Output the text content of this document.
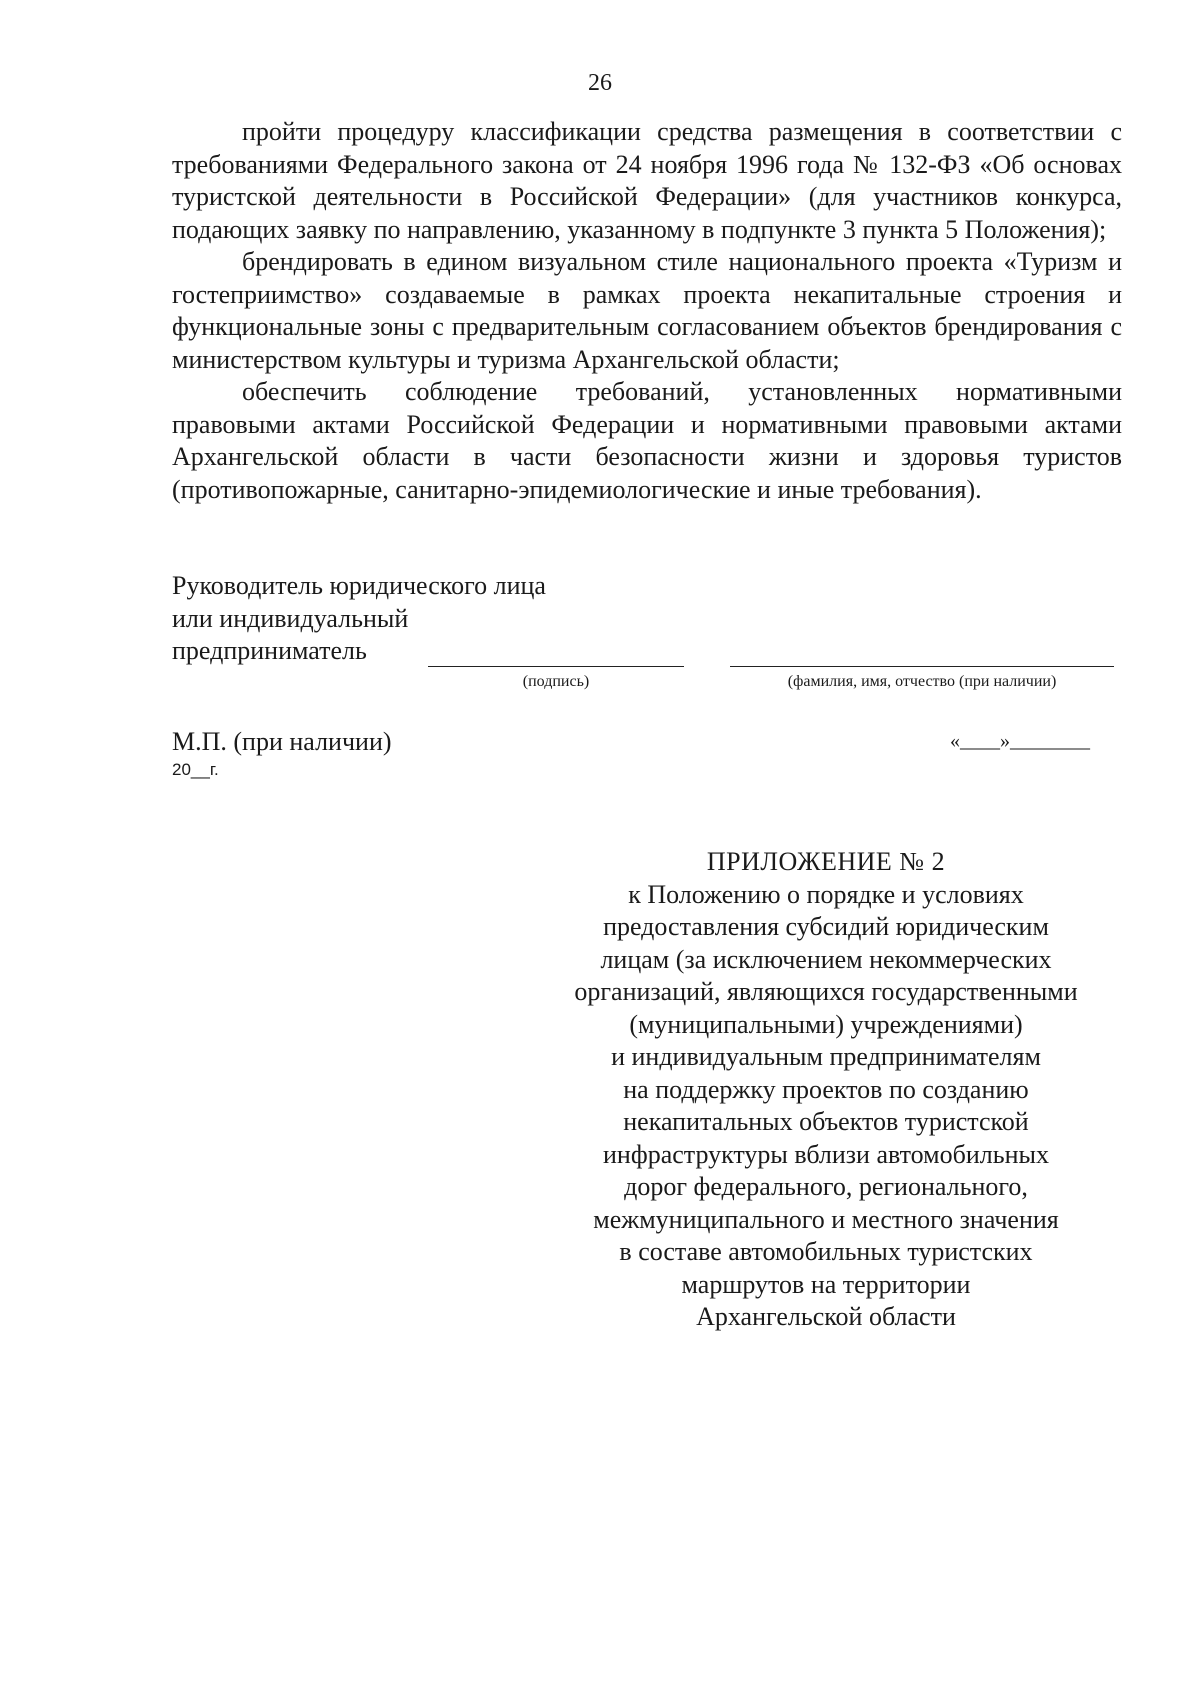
26

пройти процедуру классификации средства размещения в соответствии с требованиями Федерального закона от 24 ноября 1996 года № 132-ФЗ «Об основах туристской деятельности в Российской Федерации» (для участников конкурса, подающих заявку по направлению, указанному в подпункте 3 пункта 5 Положения);

брендировать в едином визуальном стиле национального проекта «Туризм и гостеприимство» создаваемые в рамках проекта некапитальные строения и функциональные зоны с предварительным согласованием объектов брендирования с министерством культуры и туризма Архангельской области;

обеспечить соблюдение требований, установленных нормативными правовыми актами Российской Федерации и нормативными правовыми актами Архангельской области в части безопасности жизни и здоровья туристов (противопожарные, санитарно-эпидемиологические и иные требования).

Руководитель юридического лица
или индивидуальный
предприниматель
(подпись)	(фамилия, имя, отчество (при наличии)
М.П. (при наличии)
20__г.
«____»________
ПРИЛОЖЕНИЕ № 2
к Положению о порядке и условиях
предоставления субсидий юридическим
лицам (за исключением некоммерческих
организаций, являющихся государственными
(муниципальными) учреждениями)
и индивидуальным предпринимателям
на поддержку проектов по созданию
некапитальных объектов туристской
инфраструктуры вблизи автомобильных
дорог федерального, регионального,
межмуниципального и местного значения
в составе автомобильных туристских
маршрутов на территории
Архангельской области
